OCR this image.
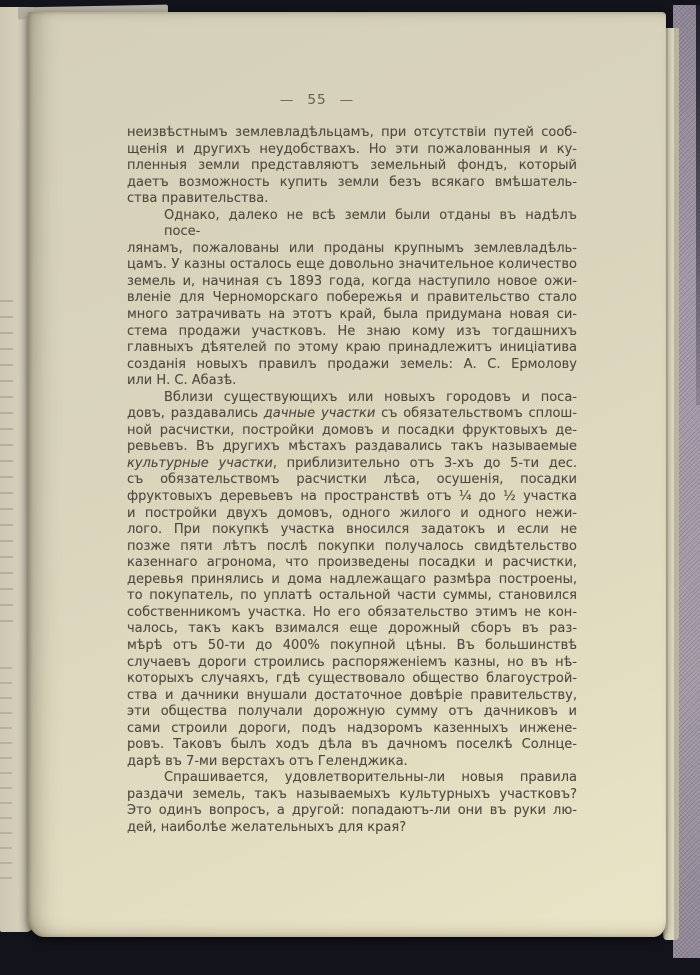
— 55 —
неизвѣстнымъ землевладѣльцамъ, при отсутствіи путей сооб-
щенія и другихъ неудобствахъ. Но эти пожалованныя и ку-
пленныя земли представляютъ земельный фондъ, который
даетъ возможность купить земли безъ всякаго вмѣшатель-
ства правительства.
Однако, далеко не всѣ земли были отданы въ надѣлъ посе-
лянамъ, пожалованы или проданы крупнымъ землевладѣль-
цамъ. У казны осталось еще довольно значительное количество
земель и, начиная съ 1893 года, когда наступило новое ожи-
вленіе для Черноморскаго побережья и правительство стало
много затрачивать на этотъ край, была придумана новая си-
стема продажи участковъ. Не знаю кому изъ тогдашнихъ
главныхъ дѣятелей по этому краю принадлежитъ иниціатива
созданія новыхъ правилъ продажи земель: А. С. Ермолову
или Н. С. Абазѣ.
Вблизи существующихъ или новыхъ городовъ и поса-
довъ, раздавались дачные участки съ обязательствомъ сплош-
ной расчистки, постройки домовъ и посадки фруктовыхъ де-
ревьевъ. Въ другихъ мѣстахъ раздавались такъ называемые
культурные участки, приблизительно отъ 3-хъ до 5-ти дес.
съ обязательствомъ расчистки лѣса, осушенія, посадки
фруктовыхъ деревьевъ на пространствѣ отъ ¼ до ½ участка
и постройки двухъ домовъ, одного жилого и одного нежи-
лого. При покупкѣ участка вносился задатокъ и если не
позже пяти лѣтъ послѣ покупки получалось свидѣтельство
казеннаго агронома, что произведены посадки и расчистки,
деревья принялись и дома надлежащаго размѣра построены,
то покупатель, по уплатѣ остальной части суммы, становился
собственникомъ участка. Но его обязательство этимъ не кон-
чалось, такъ какъ взимался еще дорожный сборъ въ раз-
мѣрѣ отъ 50-ти до 400% покупной цѣны. Въ большинствѣ
случаевъ дороги строились распоряженіемъ казны, но въ нѣ-
которыхъ случаяхъ, гдѣ существовало общество благоустрой-
ства и дачники внушали достаточное довѣріе правительству,
эти общества получали дорожную сумму отъ дачниковъ и
сами строили дороги, подъ надзоромъ казенныхъ инжене-
ровъ. Таковъ былъ ходъ дѣла въ дачномъ поселкѣ Солнце-
дарѣ въ 7-ми верстахъ отъ Геленджика.
Спрашивается, удовлетворительны-ли новыя правила
раздачи земель, такъ называемыхъ культурныхъ участковъ?
Это одинъ вопросъ, а другой: попадаютъ-ли они въ руки лю-
дей, наиболѣе желательныхъ для края?
